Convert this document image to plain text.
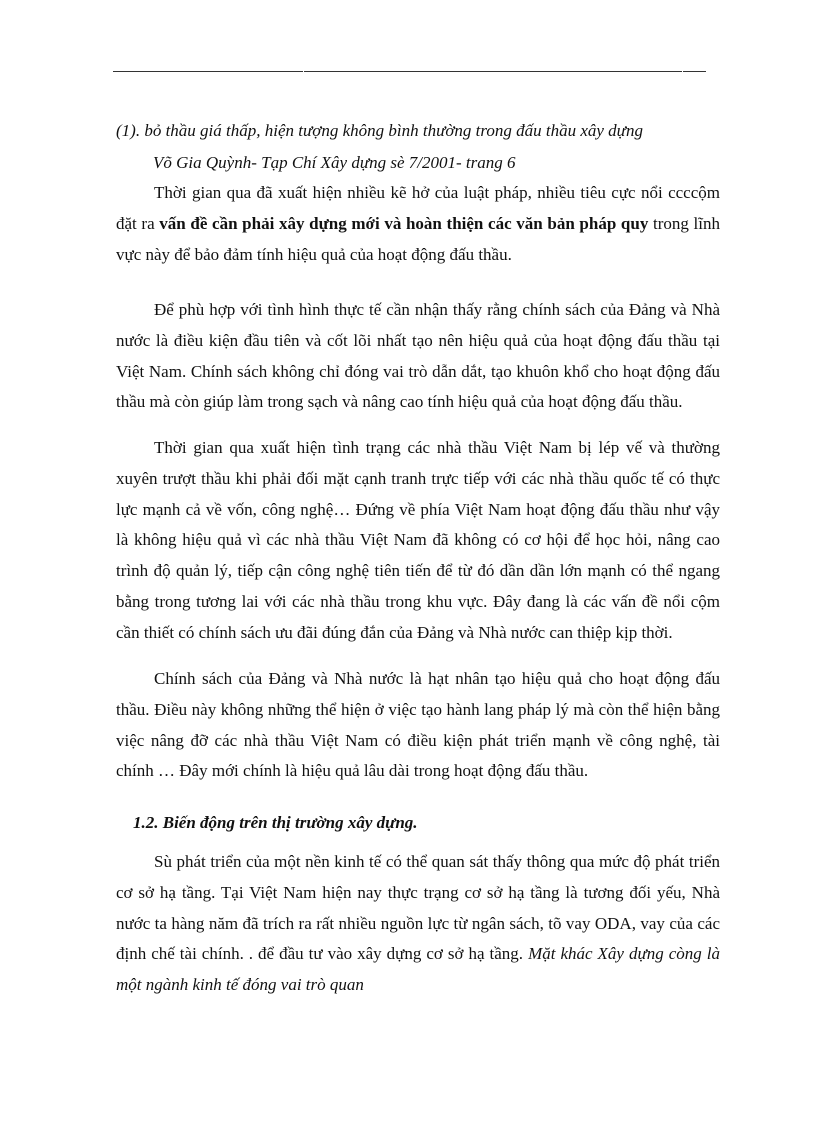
(1). bỏ thầu giá thấp, hiện tượng không bình thường trong đấu thầu xây dựng
Võ Gia Quỳnh- Tạp Chí Xây dựng sè 7/2001- trang 6
Thời gian qua đã xuất hiện nhiều kẽ hở của luật pháp, nhiều tiêu cực nổi ccccộm đặt ra vấn đề cần phải xây dựng mới và hoàn thiện các văn bản pháp quy trong lĩnh vực này để bảo đảm tính hiệu quả của hoạt động đấu thầu.
Để phù hợp với tình hình thực tế cần nhận thấy rằng chính sách của Đảng và Nhà nước là điều kiện đầu tiên và cốt lõi nhất tạo nên hiệu quả của hoạt động đấu thầu tại Việt Nam. Chính sách không chỉ đóng vai trò dẫn dắt, tạo khuôn khổ cho hoạt động đấu thầu mà còn giúp làm trong sạch và nâng cao tính hiệu quả của hoạt động đấu thầu.
Thời gian qua xuất hiện tình trạng các nhà thầu Việt Nam bị lép vế và thường xuyên trượt thầu khi phải đối mặt cạnh tranh trực tiếp với các nhà thầu quốc tế có thực lực mạnh cả về vốn, công nghệ… Đứng về phía Việt Nam hoạt động đấu thầu như vậy là không hiệu quả vì các nhà thầu Việt Nam đã không có cơ hội để học hỏi, nâng cao trình độ quản lý, tiếp cận công nghệ tiên tiến để từ đó dần dần lớn mạnh có thể ngang bằng trong tương lai với các nhà thầu trong khu vực. Đây đang là các vấn đề nổi cộm cần thiết có chính sách ưu đãi đúng đắn của Đảng và Nhà nước can thiệp kịp thời.
Chính sách của Đảng và Nhà nước là hạt nhân tạo hiệu quả cho hoạt động đấu thầu. Điều này không những thể hiện ở việc tạo hành lang pháp lý mà còn thể hiện bằng việc nâng đỡ các nhà thầu Việt Nam có điều kiện phát triển mạnh về công nghệ, tài chính … Đây mới chính là hiệu quả lâu dài trong hoạt động đấu thầu.
1.2. Biến động trên thị trường xây dựng.
Sù phát triển của một nền kinh tế có thể quan sát thấy thông qua mức độ phát triển cơ sở hạ tầng. Tại Việt Nam hiện nay thực trạng cơ sở hạ tầng là tương đối yếu, Nhà nước ta hàng năm đã trích ra rất nhiều nguồn lực từ ngân sách, tõ vay ODA, vay của các định chế tài chính. . để đầu tư vào xây dựng cơ sở hạ tầng. Mặt khác Xây dựng còng là một ngành kinh tế đóng vai trò quan
